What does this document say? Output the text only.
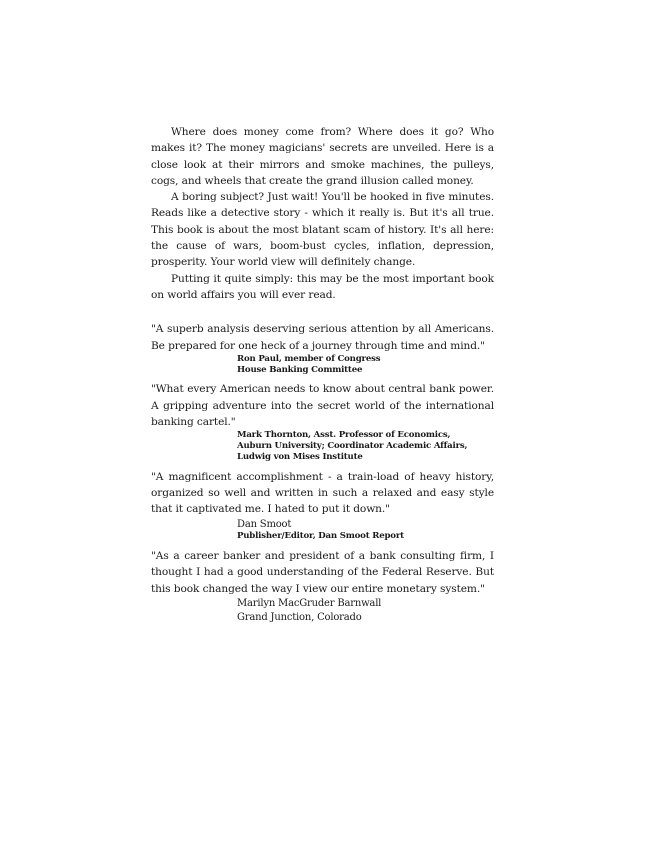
Where does money come from? Where does it go? Who makes it? The money magicians' secrets are unveiled. Here is a close look at their mirrors and smoke machines, the pulleys, cogs, and wheels that create the grand illusion called money.

A boring subject? Just wait! You'll be hooked in five minutes. Reads like a detective story - which it really is. But it's all true. This book is about the most blatant scam of history. It's all here: the cause of wars, boom-bust cycles, inflation, depression, prosperity. Your world view will definitely change.

Putting it quite simply: this may be the most important book on world affairs you will ever read.

"A superb analysis deserving serious attention by all Americans. Be prepared for one heck of a journey through time and mind."

Ron Paul, member of Congress
House Banking Committee

"What every American needs to know about central bank power. A gripping adventure into the secret world of the international banking cartel."

Mark Thornton, Asst. Professor of Economics,
Auburn University; Coordinator Academic Affairs,
Ludwig von Mises Institute

"A magnificent accomplishment - a train-load of heavy history, organized so well and written in such a relaxed and easy style that it captivated me. I hated to put it down."

Dan Smoot
Publisher/Editor, Dan Smoot Report

"As a career banker and president of a bank consulting firm, I thought I had a good understanding of the Federal Reserve. But this book changed the way I view our entire monetary system."

Marilyn MacGruder Barnwall
Grand Junction, Colorado
